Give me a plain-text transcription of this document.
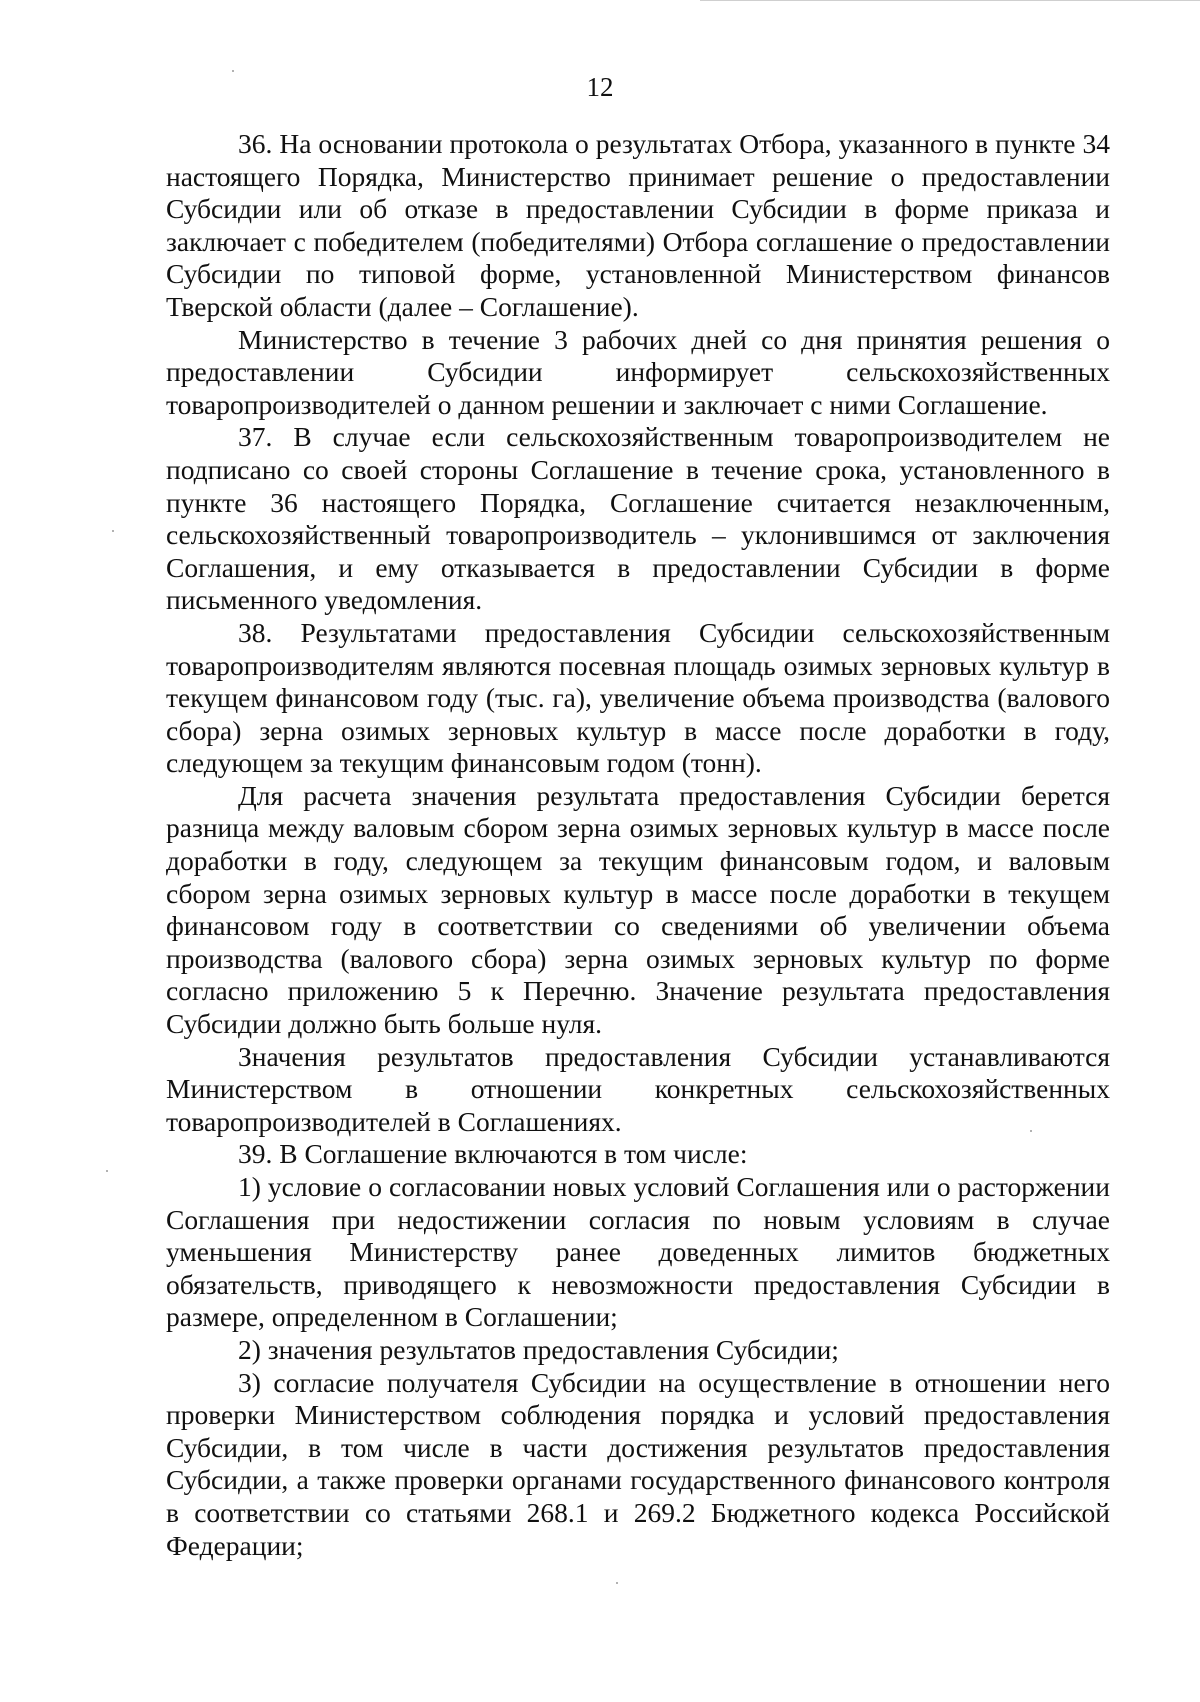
12

36. На основании протокола о результатах Отбора, указанного в пункте 34 настоящего Порядка, Министерство принимает решение о предоставлении Субсидии или об отказе в предоставлении Субсидии в форме приказа и заключает с победителем (победителями) Отбора соглашение о предоставлении Субсидии по типовой форме, установленной Министерством финансов Тверской области (далее – Соглашение).

Министерство в течение 3 рабочих дней со дня принятия решения о предоставлении Субсидии информирует сельскохозяйственных товаропроизводителей о данном решении и заключает с ними Соглашение.

37. В случае если сельскохозяйственным товаропроизводителем не подписано со своей стороны Соглашение в течение срока, установленного в пункте 36 настоящего Порядка, Соглашение считается незаключенным, сельскохозяйственный товаропроизводитель – уклонившимся от заключения Соглашения, и ему отказывается в предоставлении Субсидии в форме письменного уведомления.

38. Результатами предоставления Субсидии сельскохозяйственным товаропроизводителям являются посевная площадь озимых зерновых культур в текущем финансовом году (тыс. га), увеличение объема производства (валового сбора) зерна озимых зерновых культур в массе после доработки в году, следующем за текущим финансовым годом (тонн).

Для расчета значения результата предоставления Субсидии берется разница между валовым сбором зерна озимых зерновых культур в массе после доработки в году, следующем за текущим финансовым годом, и валовым сбором зерна озимых зерновых культур в массе после доработки в текущем финансовом году в соответствии со сведениями об увеличении объема производства (валового сбора) зерна озимых зерновых культур по форме согласно приложению 5 к Перечню. Значение результата предоставления Субсидии должно быть больше нуля.

Значения результатов предоставления Субсидии устанавливаются Министерством в отношении конкретных сельскохозяйственных товаропроизводителей в Соглашениях.

39. В Соглашение включаются в том числе:

1) условие о согласовании новых условий Соглашения или о расторжении Соглашения при недостижении согласия по новым условиям в случае уменьшения Министерству ранее доведенных лимитов бюджетных обязательств, приводящего к невозможности предоставления Субсидии в размере, определенном в Соглашении;

2) значения результатов предоставления Субсидии;

3) согласие получателя Субсидии на осуществление в отношении него проверки Министерством соблюдения порядка и условий предоставления Субсидии, в том числе в части достижения результатов предоставления Субсидии, а также проверки органами государственного финансового контроля в соответствии со статьями 268.1 и 269.2 Бюджетного кодекса Российской Федерации;
